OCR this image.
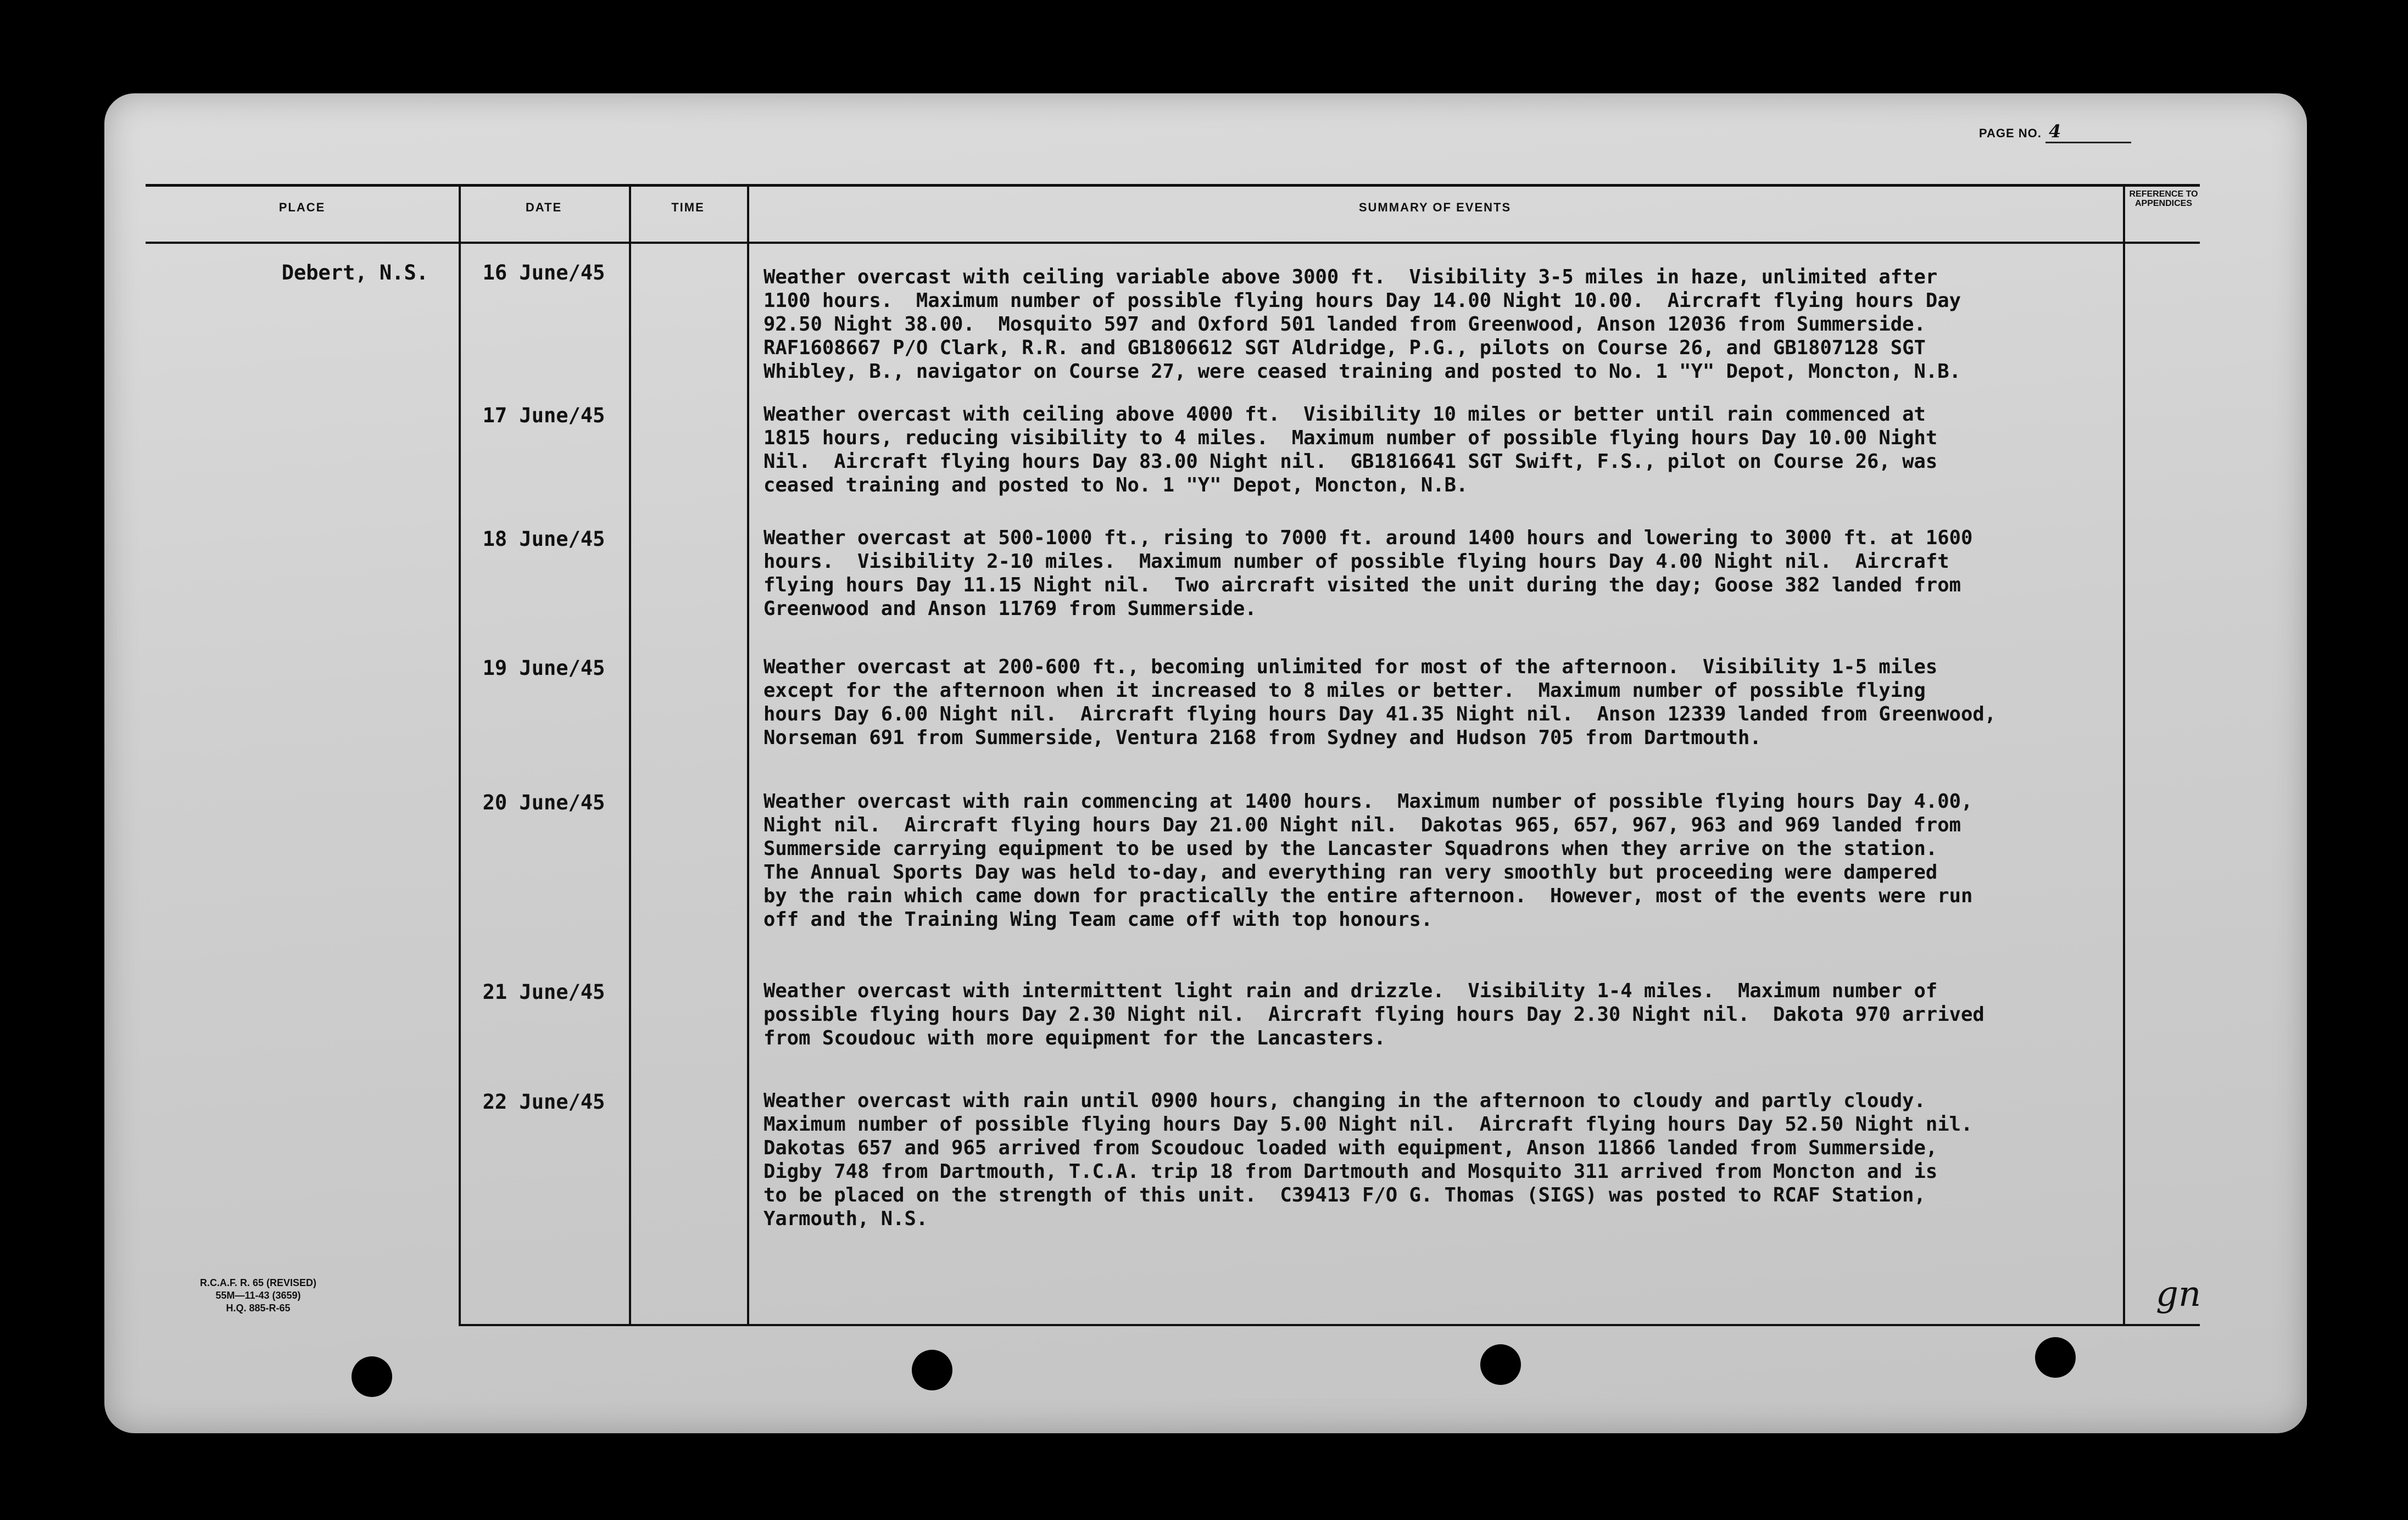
PAGE NO. 4
PLACE	DATE	TIME	SUMMARY OF EVENTS
REFERENCE TO APPENDICES
Debert, N.S.	16 June/45	Weather overcast with ceiling variable above 3000 ft.  Visibility 3-5 miles in haze, unlimited after
1100 hours.  Maximum number of possible flying hours Day 14.00 Night 10.00.  Aircraft flying hours Day
92.50 Night 38.00.  Mosquito 597 and Oxford 501 landed from Greenwood, Anson 12036 from Summerside.
RAF1608667 P/O Clark, R.R. and GB1806612 SGT Aldridge, P.G., pilots on Course 26, and GB1807128 SGT
Whibley, B., navigator on Course 27, were ceased training and posted to No. 1 "Y" Depot, Moncton, N.B.
17 June/45	Weather overcast with ceiling above 4000 ft.  Visibility 10 miles or better until rain commenced at
1815 hours, reducing visibility to 4 miles.  Maximum number of possible flying hours Day 10.00 Night
Nil.  Aircraft flying hours Day 83.00 Night nil.  GB1816641 SGT Swift, F.S., pilot on Course 26, was
ceased training and posted to No. 1 "Y" Depot, Moncton, N.B.
18 June/45	Weather overcast at 500-1000 ft., rising to 7000 ft. around 1400 hours and lowering to 3000 ft. at 1600
hours.  Visibility 2-10 miles.  Maximum number of possible flying hours Day 4.00 Night nil.  Aircraft
flying hours Day 11.15 Night nil.  Two aircraft visited the unit during the day; Goose 382 landed from
Greenwood and Anson 11769 from Summerside.
19 June/45	Weather overcast at 200-600 ft., becoming unlimited for most of the afternoon.  Visibility 1-5 miles
except for the afternoon when it increased to 8 miles or better.  Maximum number of possible flying
hours Day 6.00 Night nil.  Aircraft flying hours Day 41.35 Night nil.  Anson 12339 landed from Greenwood,
Norseman 691 from Summerside, Ventura 2168 from Sydney and Hudson 705 from Dartmouth.
20 June/45	Weather overcast with rain commencing at 1400 hours.  Maximum number of possible flying hours Day 4.00,
Night nil.  Aircraft flying hours Day 21.00 Night nil.  Dakotas 965, 657, 967, 963 and 969 landed from
Summerside carrying equipment to be used by the Lancaster Squadrons when they arrive on the station.
The Annual Sports Day was held to-day, and everything ran very smoothly but proceeding were dampered
by the rain which came down for practically the entire afternoon.  However, most of the events were run
off and the Training Wing Team came off with top honours.
21 June/45	Weather overcast with intermittent light rain and drizzle.  Visibility 1-4 miles.  Maximum number of
possible flying hours Day 2.30 Night nil.  Aircraft flying hours Day 2.30 Night nil.  Dakota 970 arrived
from Scoudouc with more equipment for the Lancasters.
22 June/45	Weather overcast with rain until 0900 hours, changing in the afternoon to cloudy and partly cloudy.
Maximum number of possible flying hours Day 5.00 Night nil.  Aircraft flying hours Day 52.50 Night nil.
Dakotas 657 and 965 arrived from Scoudouc loaded with equipment, Anson 11866 landed from Summerside,
Digby 748 from Dartmouth, T.C.A. trip 18 from Dartmouth and Mosquito 311 arrived from Moncton and is
to be placed on the strength of this unit.  C39413 F/O G. Thomas (SIGS) was posted to RCAF Station,
Yarmouth, N.S.
gn
R.C.A.F. R. 65 (REVISED)
55M—11-43 (3659)
H.Q. 885-R-65
